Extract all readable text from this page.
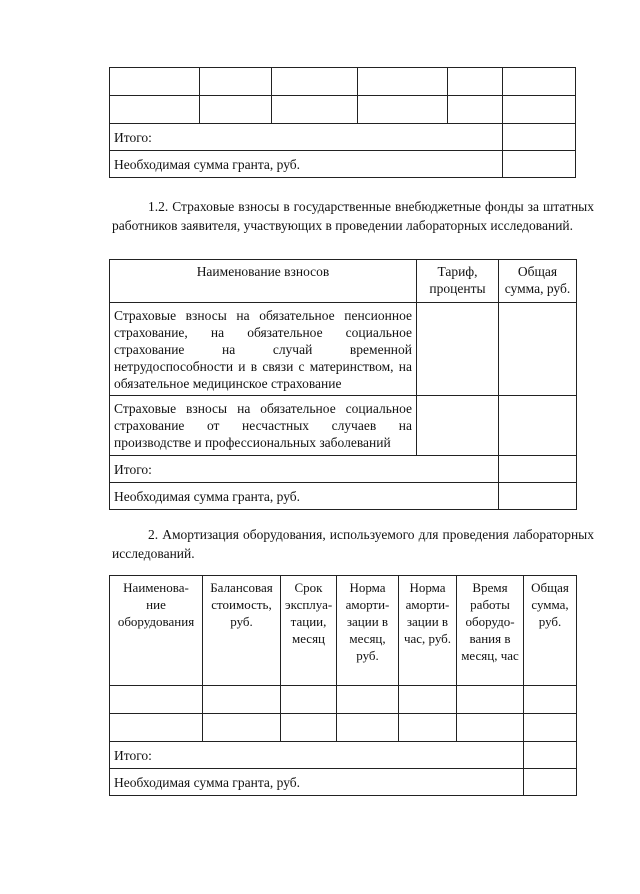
Итого:					
Необходимая сумма гранта, руб.					

1.2. Страховые взносы в государственные внебюджетные фонды за штатных работников заявителя, участвующих в проведении лабораторных исследований.

Наименование взносов	Тариф, проценты	Общая сумма, руб.
Страховые взносы на обязательное пенсионное страхование, на обязательное социальное страхование на случай временной нетрудоспособности и в связи с материнством, на обязательное медицинское страхование		
Страховые взносы на обязательное социальное страхование от несчастных случаев на производстве и профессиональных заболеваний		
Итого:		
Необходимая сумма гранта, руб.		

2. Амортизация оборудования, используемого для проведения лабораторных исследований.

Наименова-ние оборудования	Балансовая стоимость, руб.	Срок эксплуа-тации, месяц	Норма аморти-зации в месяц, руб.	Норма аморти-зации в час, руб.	Время работы оборудо-вания в месяц, час	Общая сумма, руб.

Итого:						
Необходимая сумма гранта, руб.						
